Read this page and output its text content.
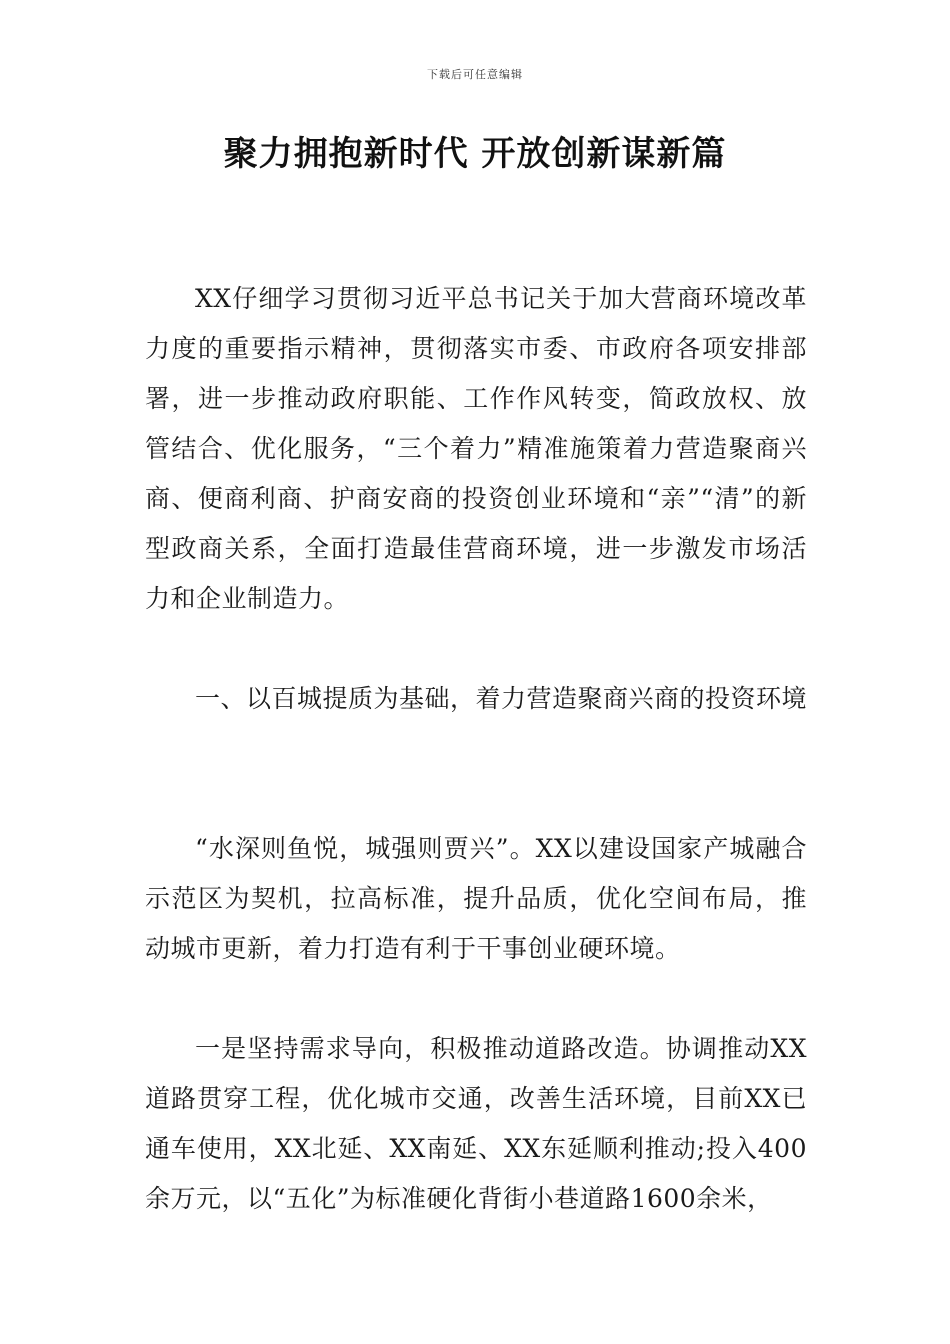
下载后可任意编辑
聚力拥抱新时代 开放创新谋新篇

XX仔细学习贯彻习近平总书记关于加大营商环境改革力度的重要指示精神，贯彻落实市委、市政府各项安排部署，进一步推动政府职能、工作作风转变，简政放权、放管结合、优化服务，“三个着力”精准施策着力营造聚商兴商、便商利商、护商安商的投资创业环境和“亲”“清”的新型政商关系，全面打造最佳营商环境，进一步激发市场活力和企业制造力。

一、以百城提质为基础，着力营造聚商兴商的投资环境

“水深则鱼悦，城强则贾兴”。XX以建设国家产城融合示范区为契机，拉高标准，提升品质，优化空间布局，推动城市更新，着力打造有利于干事创业硬环境。

一是坚持需求导向，积极推动道路改造。协调推动XX道路贯穿工程，优化城市交通，改善生活环境，目前XX已通车使用，XX北延、XX南延、XX东延顺利推动;投入400余万元，以“五化”为标准硬化背街小巷道路1600余米，
